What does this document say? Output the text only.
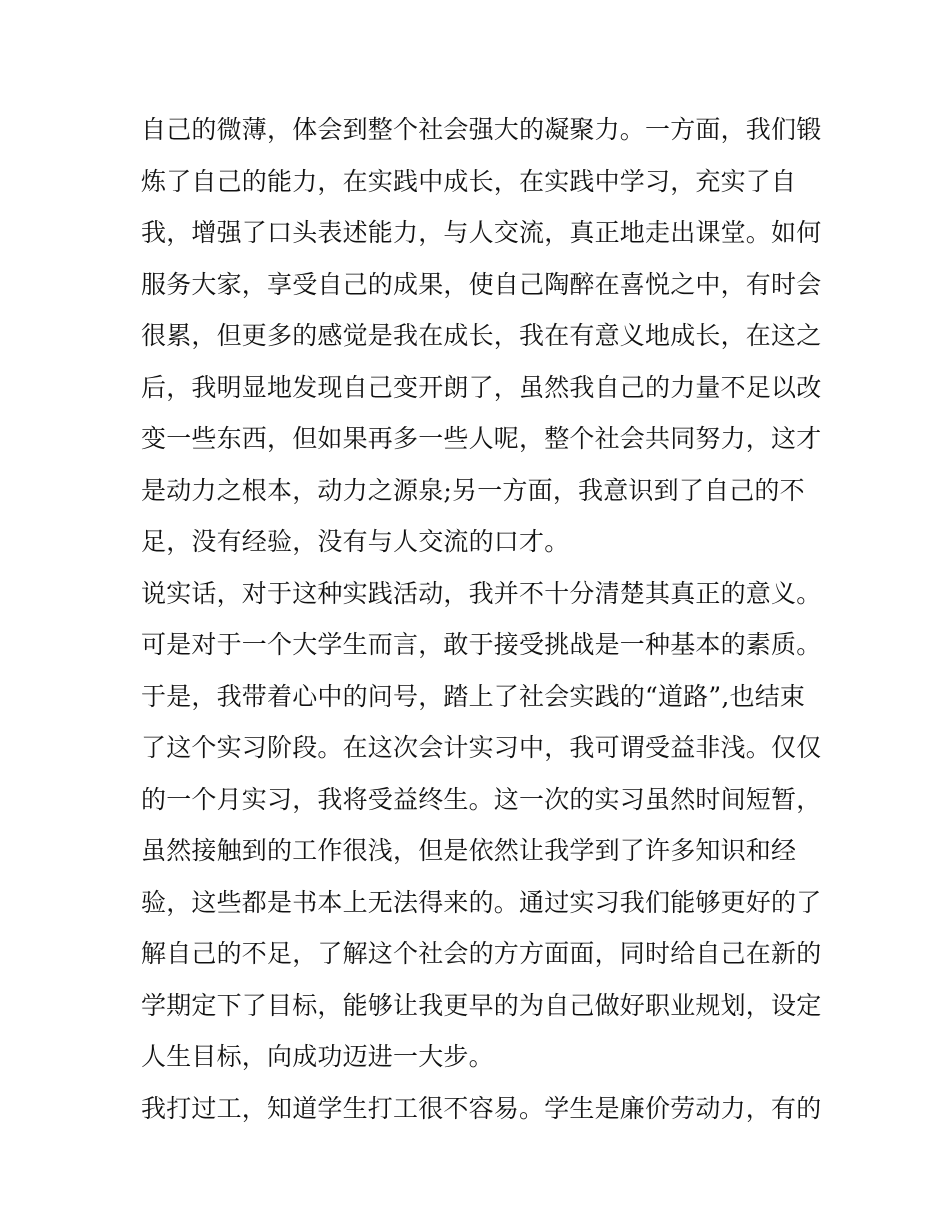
自己的微薄，体会到整个社会强大的凝聚力。一方面，我们锻
炼了自己的能力，在实践中成长，在实践中学习，充实了自
我，增强了口头表述能力，与人交流，真正地走出课堂。如何
服务大家，享受自己的成果，使自己陶醉在喜悦之中，有时会
很累，但更多的感觉是我在成长，我在有意义地成长，在这之
后，我明显地发现自己变开朗了，虽然我自己的力量不足以改
变一些东西，但如果再多一些人呢，整个社会共同努力，这才
是动力之根本，动力之源泉;另一方面，我意识到了自己的不
足，没有经验，没有与人交流的口才。
说实话，对于这种实践活动，我并不十分清楚其真正的意义。
可是对于一个大学生而言，敢于接受挑战是一种基本的素质。
于是，我带着心中的问号，踏上了社会实践的“道路”,也结束
了这个实习阶段。在这次会计实习中，我可谓受益非浅。仅仅
的一个月实习，我将受益终生。这一次的实习虽然时间短暂，
虽然接触到的工作很浅，但是依然让我学到了许多知识和经
验，这些都是书本上无法得来的。通过实习我们能够更好的了
解自己的不足，了解这个社会的方方面面，同时给自己在新的
学期定下了目标，能够让我更早的为自己做好职业规划，设定
人生目标，向成功迈进一大步。
我打过工，知道学生打工很不容易。学生是廉价劳动力，有的
